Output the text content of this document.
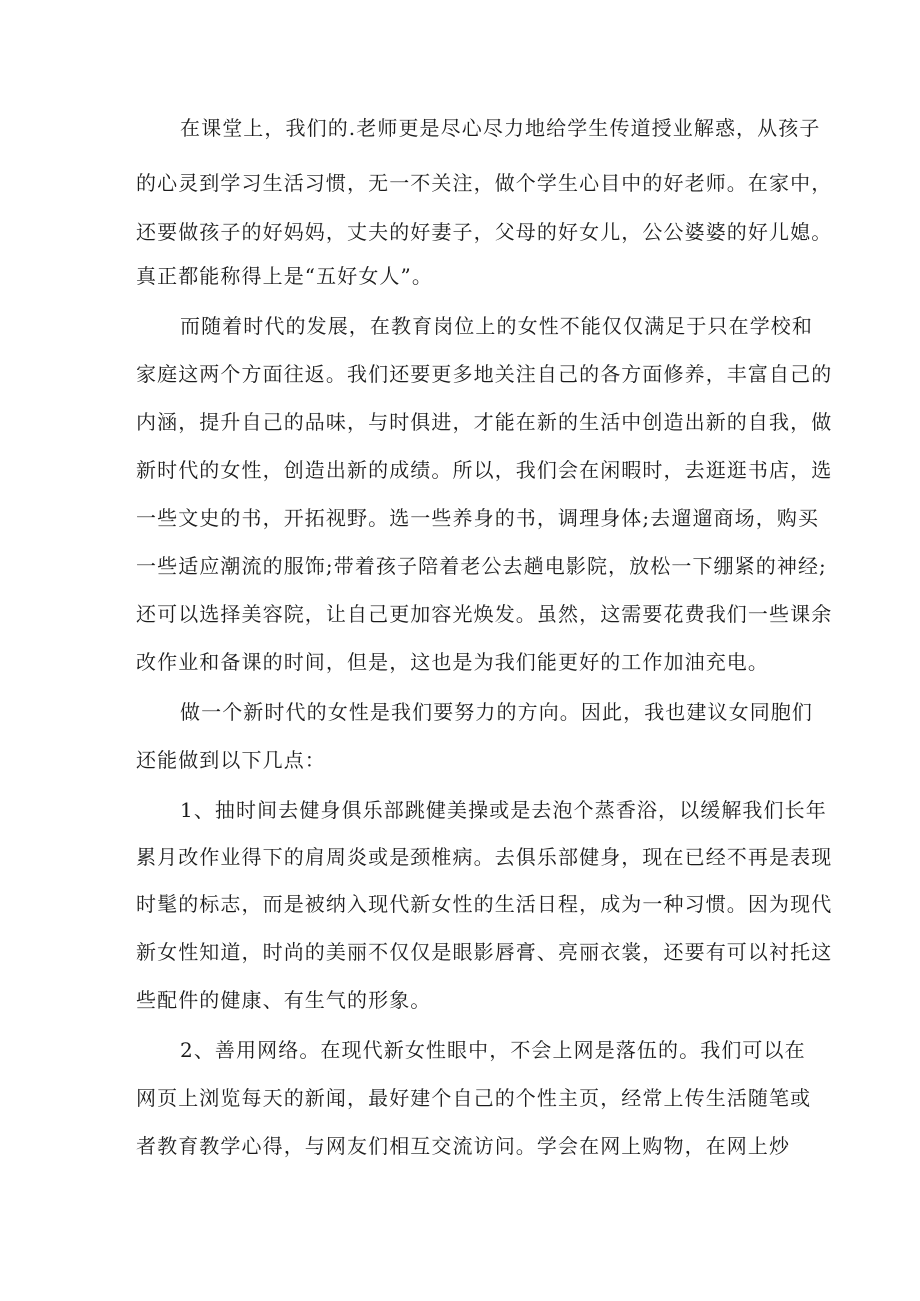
在课堂上，我们的.老师更是尽心尽力地给学生传道授业解惑，从孩子
的心灵到学习生活习惯，无一不关注，做个学生心目中的好老师。在家中，
还要做孩子的好妈妈，丈夫的好妻子，父母的好女儿，公公婆婆的好儿媳。
真正都能称得上是“五好女人”。
而随着时代的发展，在教育岗位上的女性不能仅仅满足于只在学校和
家庭这两个方面往返。我们还要更多地关注自己的各方面修养，丰富自己的
内涵，提升自己的品味，与时俱进，才能在新的生活中创造出新的自我，做
新时代的女性，创造出新的成绩。所以，我们会在闲暇时，去逛逛书店，选
一些文史的书，开拓视野。选一些养身的书，调理身体;去遛遛商场，购买
一些适应潮流的服饰;带着孩子陪着老公去趟电影院，放松一下绷紧的神经;
还可以选择美容院，让自己更加容光焕发。虽然，这需要花费我们一些课余
改作业和备课的时间，但是，这也是为我们能更好的工作加油充电。
做一个新时代的女性是我们要努力的方向。因此，我也建议女同胞们
还能做到以下几点：
1、抽时间去健身俱乐部跳健美操或是去泡个蒸香浴，以缓解我们长年
累月改作业得下的肩周炎或是颈椎病。去俱乐部健身，现在已经不再是表现
时髦的标志，而是被纳入现代新女性的生活日程，成为一种习惯。因为现代
新女性知道，时尚的美丽不仅仅是眼影唇膏、亮丽衣裳，还要有可以衬托这
些配件的健康、有生气的形象。
2、善用网络。在现代新女性眼中，不会上网是落伍的。我们可以在
网页上浏览每天的新闻，最好建个自己的个性主页，经常上传生活随笔或
者教育教学心得，与网友们相互交流访问。学会在网上购物，在网上炒
